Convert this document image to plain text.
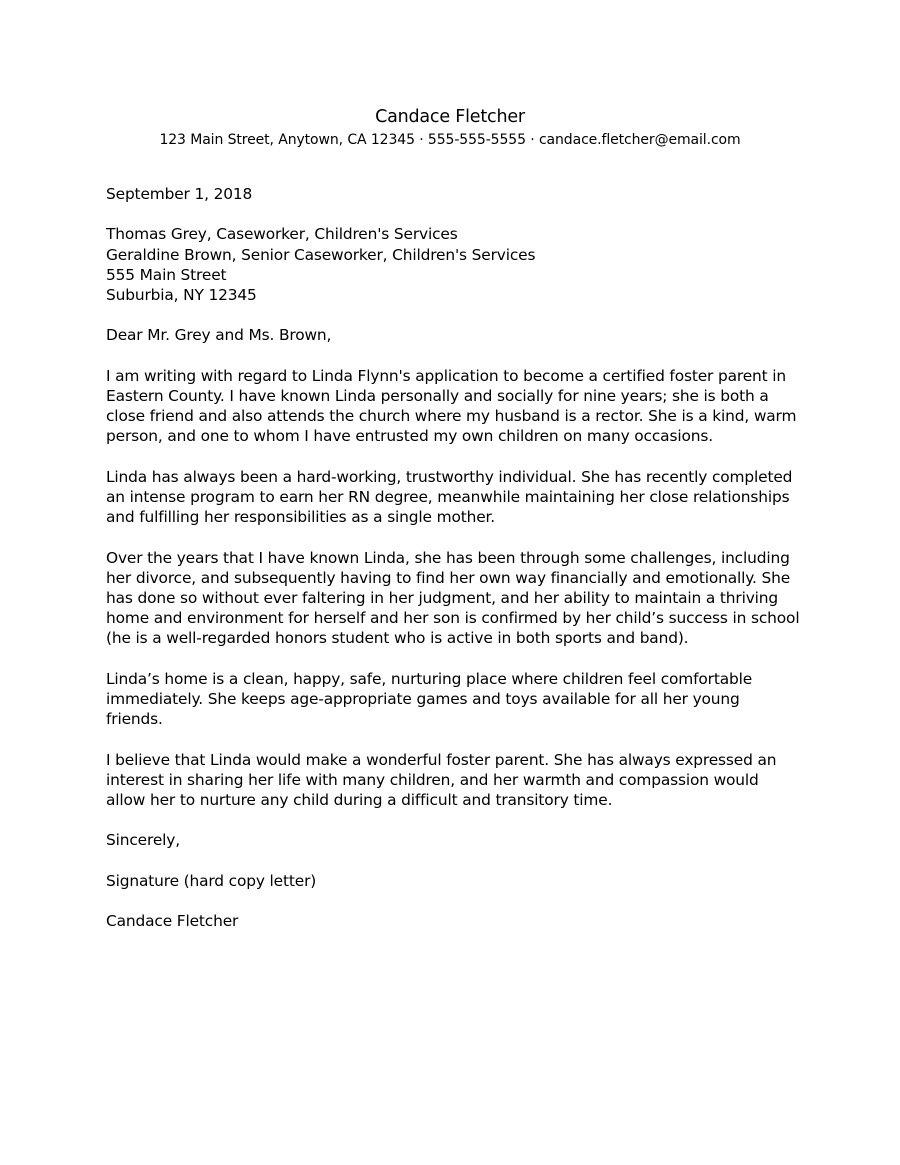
Candace Fletcher
123 Main Street, Anytown, CA 12345 · 555-555-5555 · candace.fletcher@email.com
September 1, 2018
Thomas Grey, Caseworker, Children's Services
Geraldine Brown, Senior Caseworker, Children's Services
555 Main Street
Suburbia, NY 12345
Dear Mr. Grey and Ms. Brown,
I am writing with regard to Linda Flynn's application to become a certified foster parent in
Eastern County. I have known Linda personally and socially for nine years; she is both a
close friend and also attends the church where my husband is a rector. She is a kind, warm
person, and one to whom I have entrusted my own children on many occasions.
Linda has always been a hard-working, trustworthy individual. She has recently completed
an intense program to earn her RN degree, meanwhile maintaining her close relationships
and fulfilling her responsibilities as a single mother.
Over the years that I have known Linda, she has been through some challenges, including
her divorce, and subsequently having to find her own way financially and emotionally. She
has done so without ever faltering in her judgment, and her ability to maintain a thriving
home and environment for herself and her son is confirmed by her child’s success in school
(he is a well-regarded honors student who is active in both sports and band).
Linda’s home is a clean, happy, safe, nurturing place where children feel comfortable
immediately. She keeps age-appropriate games and toys available for all her young
friends.
I believe that Linda would make a wonderful foster parent. She has always expressed an
interest in sharing her life with many children, and her warmth and compassion would
allow her to nurture any child during a difficult and transitory time.
Sincerely,
Signature (hard copy letter)
Candace Fletcher
